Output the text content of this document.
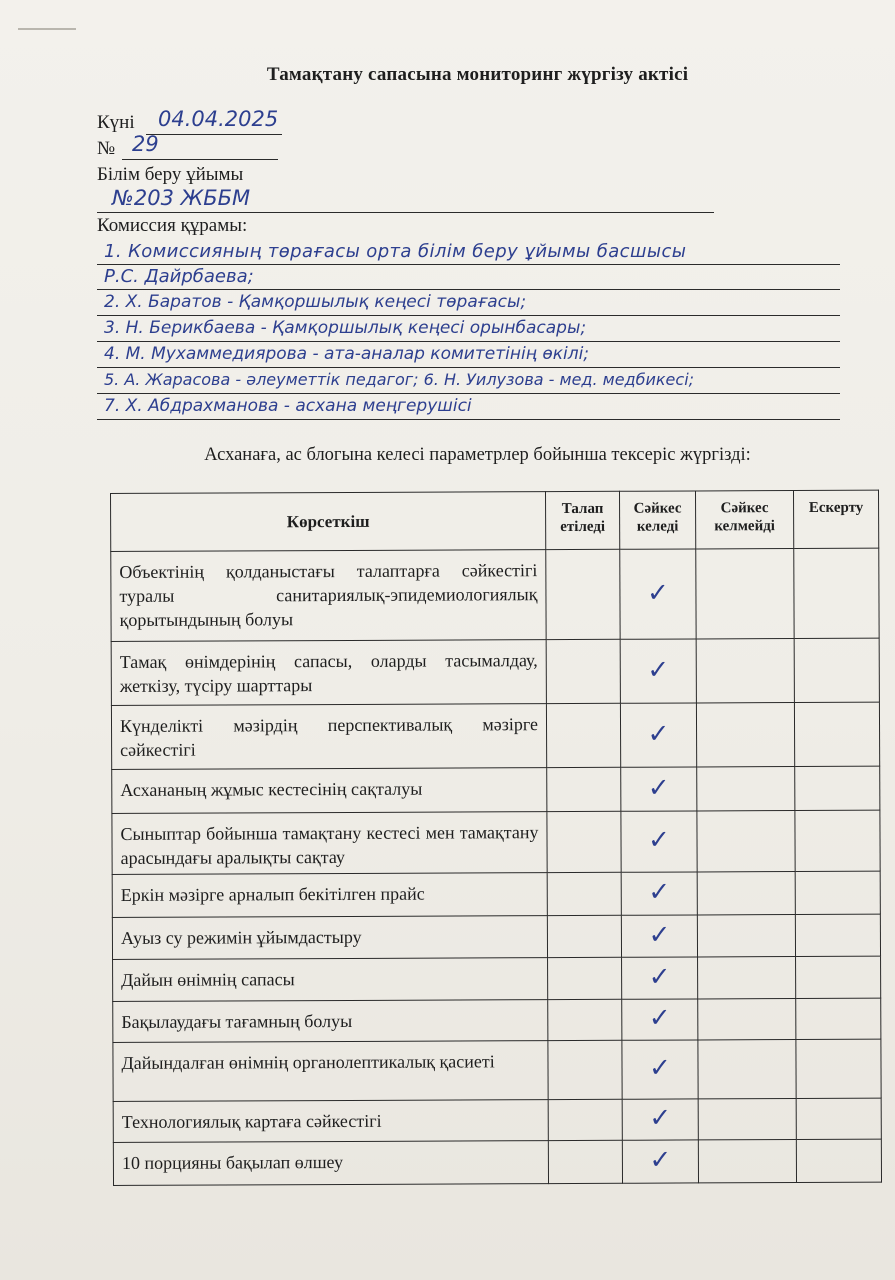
Тамақтану сапасына мониторинг жүргізу актісі
Күні 04.04.2025
№ 29
Білім беру ұйымы
№203 ЖББМ
Комиссия құрамы:
1. Комиссияның төрағасы орта білім беру ұйымы басшысы
Р.С. Дайрбаева;
2. Х. Баратов - Қамқоршылық кеңесі төрағасы;
3. Н. Берикбаева - Қамқоршылық кеңесі орынбасары;
4. М. Мухаммедиярова - ата-аналар комитетінің өкілі;
5. А. Жарасова - әлеуметтік педагог; 6. Н. Уилузова - мед. медбикесі;
7. Х. Абдрахманова - асхана меңгерушісі
Асханаға, ас блогына келесі параметрлер бойынша тексеріс жүргізді:
Көрсеткіш	Талап етіледі	Сәйкес келеді	Сәйкес келмейді	Ескерту
Объектінің қолданыстағы талаптарға сәйкестігі туралы санитариялық-эпидемиологиялық қорытындының болуы		✓		

Тамақ өнімдерінің сапасы, оларды тасымалдау, жеткізу, түсіру шарттары		✓		

Күнделікті мәзірдің перспективалық мәзірге сәйкестігі		✓		

Асхананың жұмыс кестесінің сақталуы		✓		

Сыныптар бойынша тамақтану кестесі мен тамақтану арасындағы аралықты сақтау		✓		

Еркін мәзірге арналып бекітілген прайс		✓		

Ауыз су режимін ұйымдастыру		✓		

Дайын өнімнің сапасы		✓		

Бақылаудағы тағамның болуы		✓		

Дайындалған өнімнің органолептикалық қасиеті		✓		

Технологиялық картаға сәйкестігі		✓		

10 порцияны бақылап өлшеу		✓		
